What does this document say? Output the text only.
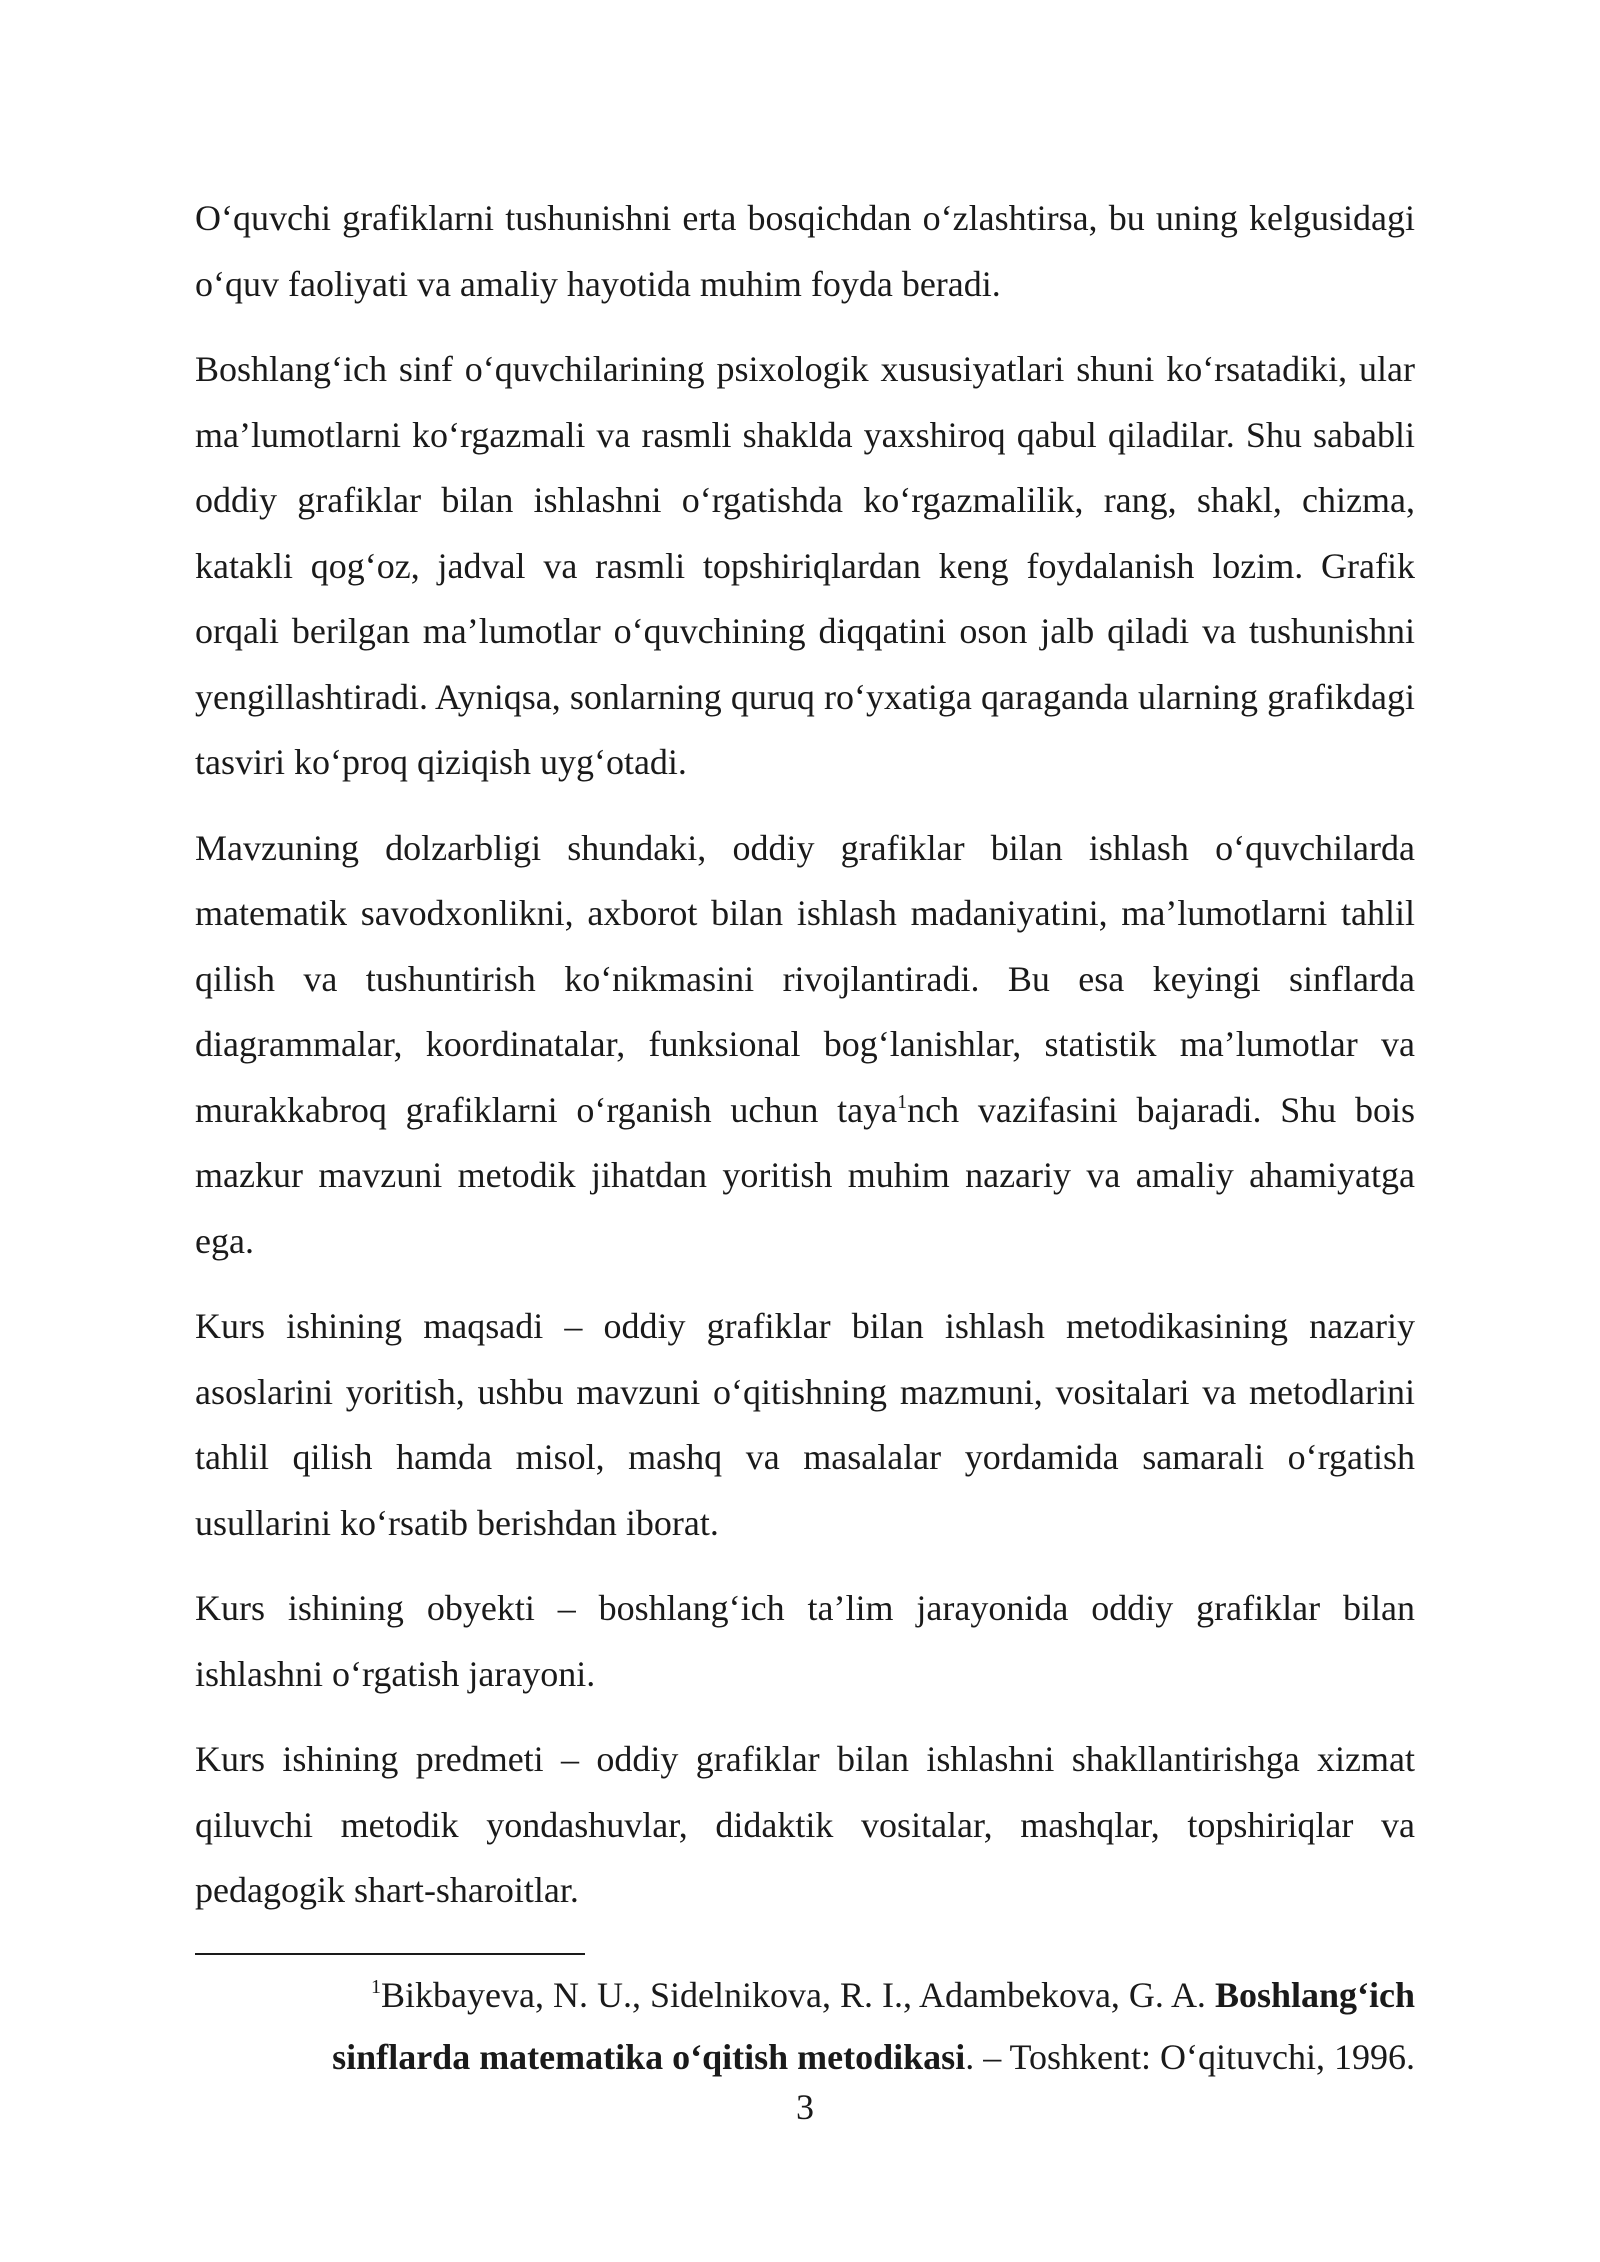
O‘quvchi grafiklarni tushunishni erta bosqichdan o‘zlashtirsa, bu uning kelgusidagi o‘quv faoliyati va amaliy hayotida muhim foyda beradi.

Boshlang‘ich sinf o‘quvchilarining psixologik xususiyatlari shuni ko‘rsatadiki, ular ma’lumotlarni ko‘rgazmali va rasmli shaklda yaxshiroq qabul qiladilar. Shu sababli oddiy grafiklar bilan ishlashni o‘rgatishda ko‘rgazmalilik, rang, shakl, chizma, katakli qog‘oz, jadval va rasmli topshiriqlardan keng foydalanish lozim. Grafik orqali berilgan ma’lumotlar o‘quvchining diqqatini oson jalb qiladi va tushunishni yengillashtiradi. Ayniqsa, sonlarning quruq ro‘yxatiga qaraganda ularning grafikdagi tasviri ko‘proq qiziqish uyg‘otadi.

Mavzuning dolzarbligi shundaki, oddiy grafiklar bilan ishlash o‘quvchilarda matematik savodxonlikni, axborot bilan ishlash madaniyatini, ma’lumotlarni tahlil qilish va tushuntirish ko‘nikmasini rivojlantiradi. Bu esa keyingi sinflarda diagrammalar, koordinatalar, funksional bog‘lanishlar, statistik ma’lumotlar va murakkabroq grafiklarni o‘rganish uchun taya$^1$nch vazifasini bajaradi. Shu bois mazkur mavzuni metodik jihatdan yoritish muhim nazariy va amaliy ahamiyatga ega.

Kurs ishining maqsadi – oddiy grafiklar bilan ishlash metodikasining nazariy asoslarini yoritish, ushbu mavzuni o‘qitishning mazmuni, vositalari va metodlarini tahlil qilish hamda misol, mashq va masalalar yordamida samarali o‘rgatish usullarini ko‘rsatib berishdan iborat.

Kurs ishining obyekti – boshlang‘ich ta’lim jarayonida oddiy grafiklar bilan ishlashni o‘rgatish jarayoni.

Kurs ishining predmeti – oddiy grafiklar bilan ishlashni shakllantirishga xizmat qiluvchi metodik yondashuvlar, didaktik vositalar, mashqlar, topshiriqlar va pedagogik shart-sharoitlar.

1Bikbayeva, N. U., Sidelnikova, R. I., Adambekova, G. A. Boshlang‘ich
sinflarda matematika o‘qitish metodikasi. – Toshkent: O‘qituvchi, 1996.
3
